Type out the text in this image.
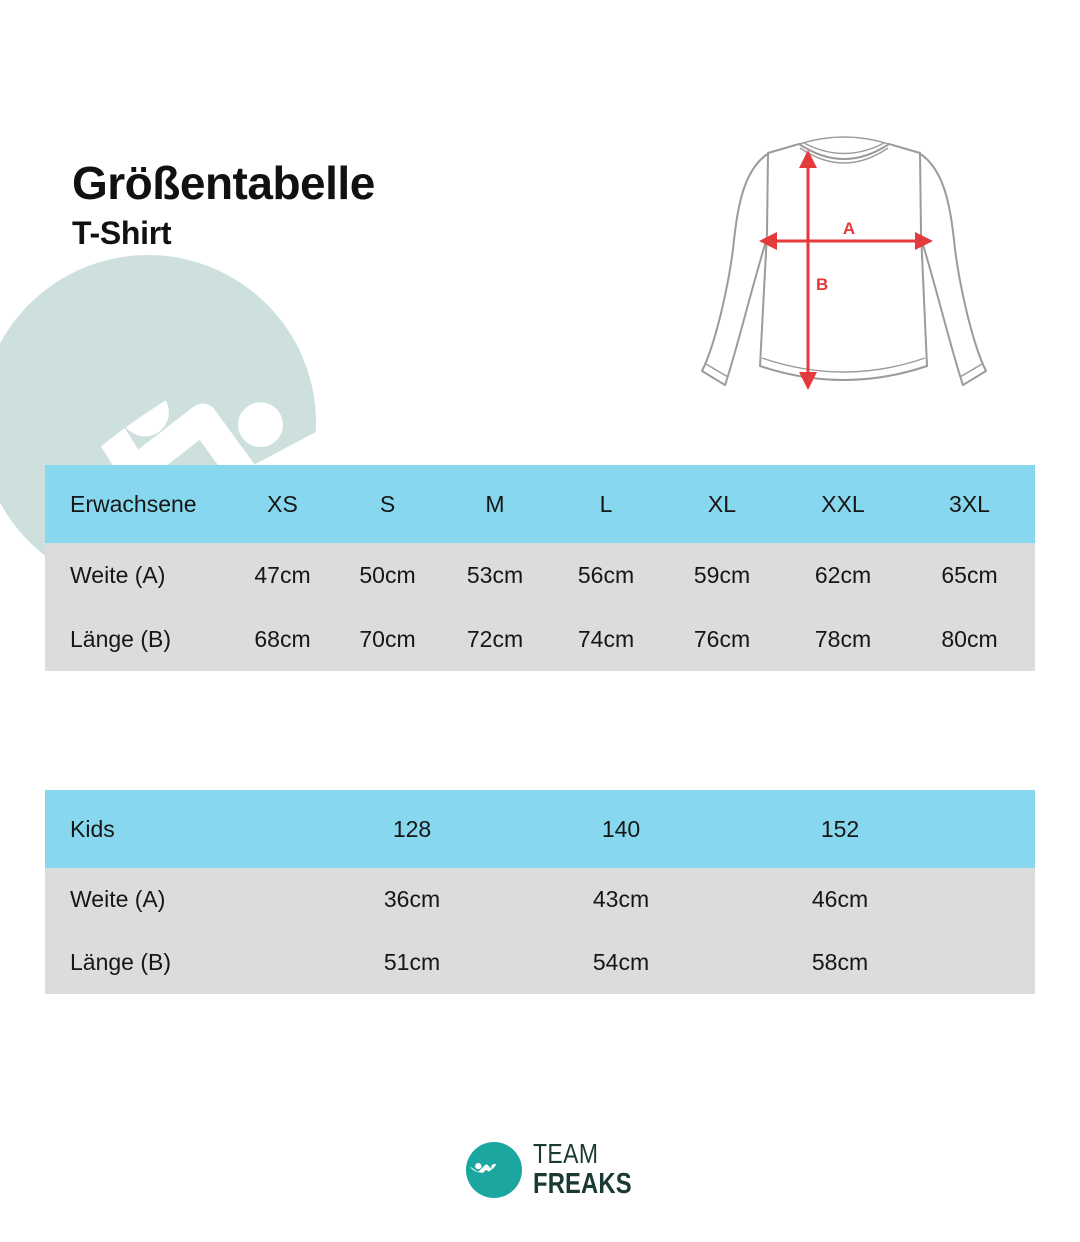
Größentabelle
T-Shirt	A
B
Erwachsene	XS	S	M	L	XL	XXL	3XL
Weite (A)	47cm	50cm	53cm	56cm	59cm	62cm	65cm
Länge (B)	68cm	70cm	72cm	74cm	76cm	78cm	80cm
Kids	128	140	152
Weite (A)	36cm	43cm	46cm
Länge (B)	51cm	54cm	58cm
TEAM
FREAKS
